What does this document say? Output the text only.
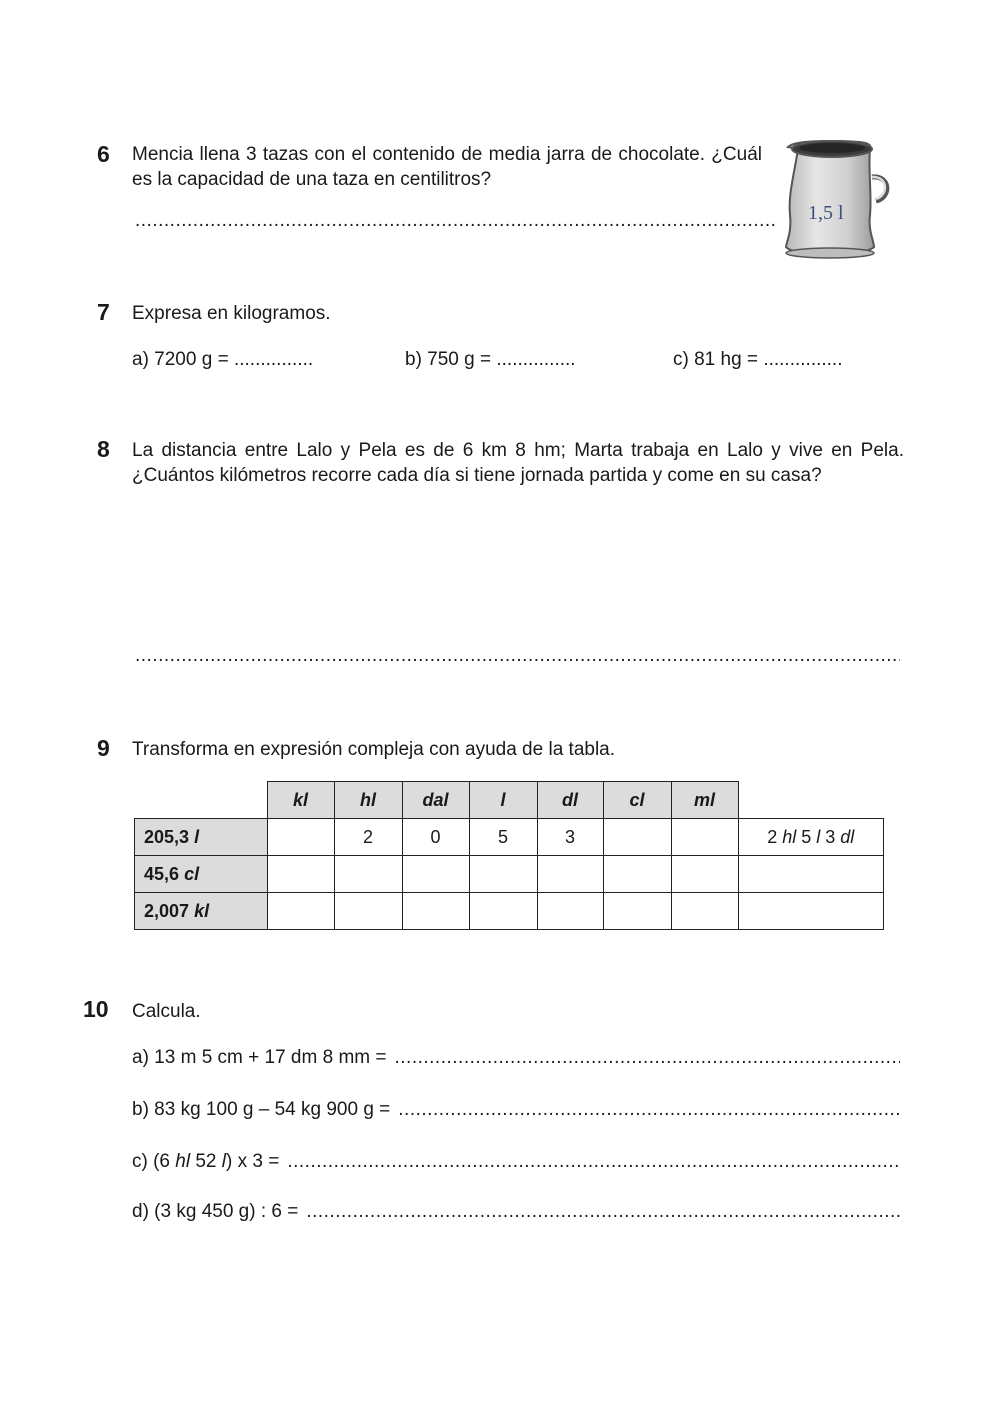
6 Mencia llena 3 tazas con el contenido de media jarra de chocolate. ¿Cuál es la capacidad de una taza en centilitros?
.....
1,5 l
7 Expresa en kilogramos.
a) 7200 g = ...............	b) 750 g = ...............	c) 81 hg = ...............
8 La distancia entre Lalo y Pela es de 6 km 8 hm; Marta trabaja en Lalo y vive en Pela. ¿Cuántos kilómetros recorre cada día si tiene jornada partida y come en su casa?
.....
9 Transforma en expresión compleja con ayuda de la tabla.
	kl	hl	dal	l	dl	cl	ml	
205,3 l		2	0	5	3			2 hl 5 l 3 dl
45,6 cl								
2,007 kl								
10 Calcula.
a) 13 m 5 cm + 17 dm 8 mm =
.....
b) 83 kg 100 g – 54 kg 900 g =
.....
c) (6 hl 52 l) x 3 =
.....
d) (3 kg 450 g) : 6 =
.....
